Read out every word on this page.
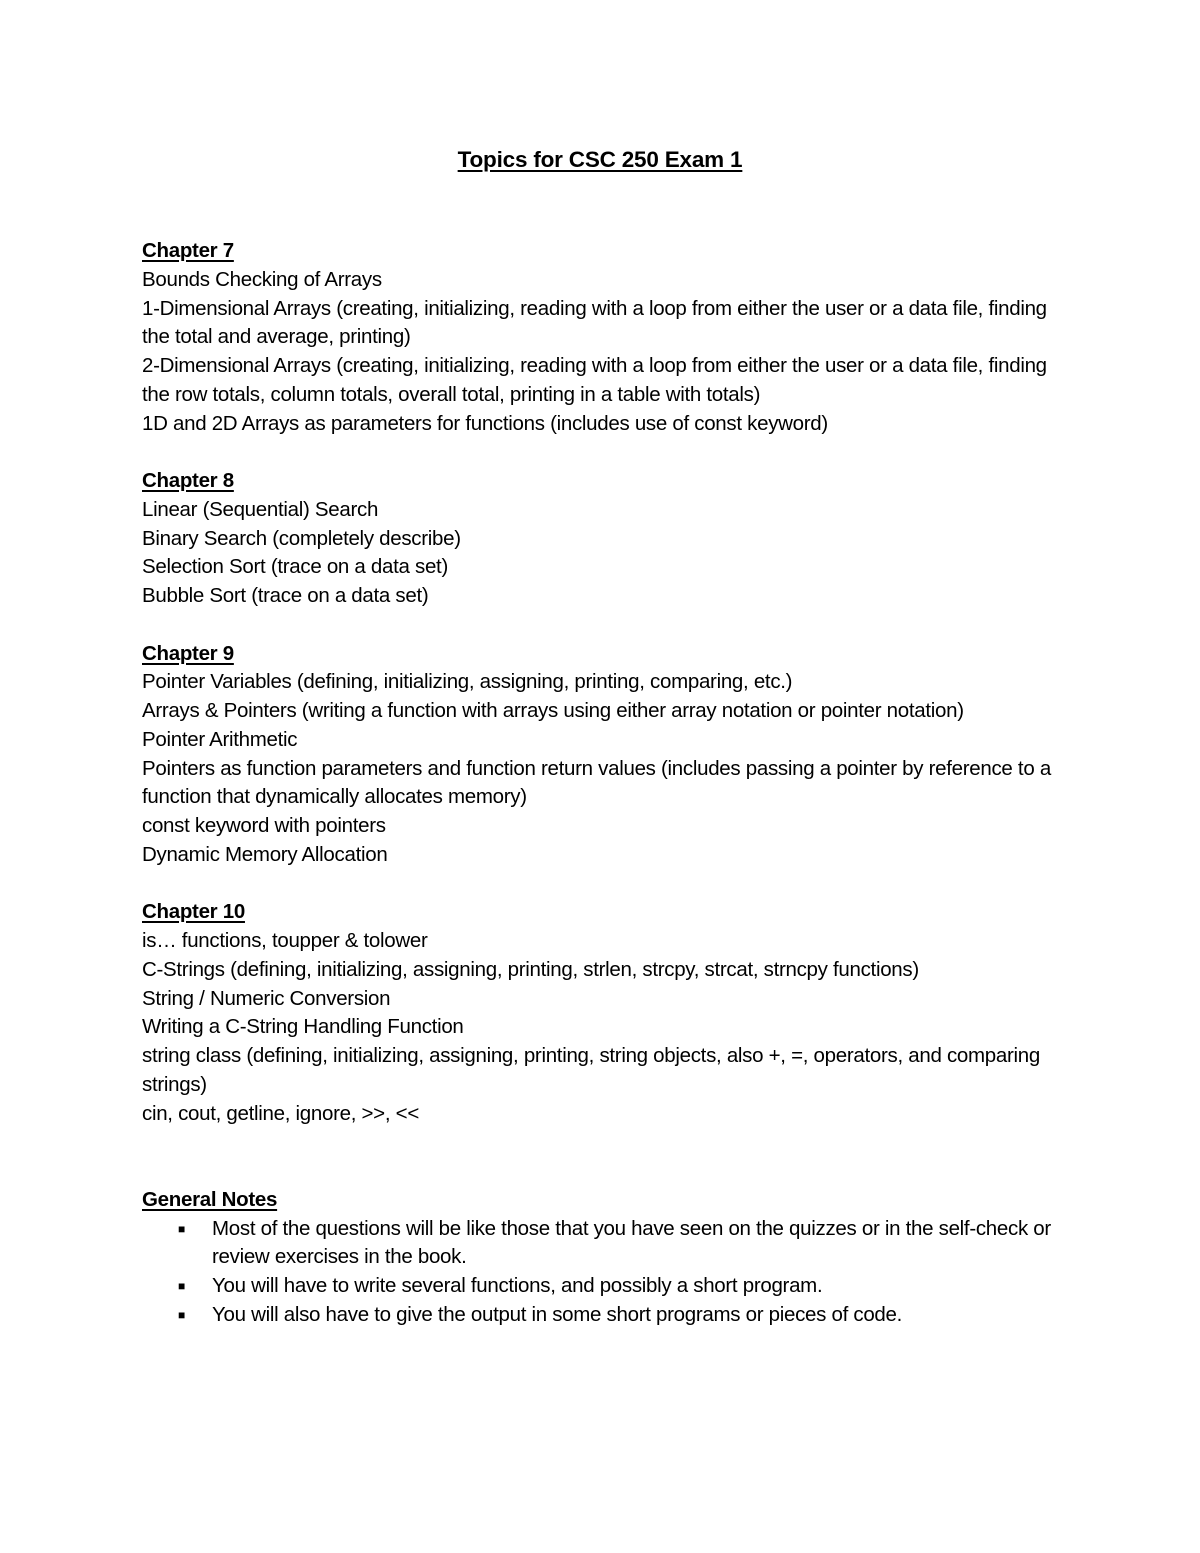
Topics for CSC 250 Exam 1
Chapter 7
Bounds Checking of Arrays
1-Dimensional Arrays (creating, initializing, reading with a loop from either the user or a data file, finding the total and average, printing)
2-Dimensional Arrays (creating, initializing, reading with a loop from either the user or a data file, finding the row totals, column totals, overall total, printing in a table with totals)
1D and 2D Arrays as parameters for functions (includes use of const keyword)
Chapter 8
Linear (Sequential) Search
Binary Search (completely describe)
Selection Sort (trace on a data set)
Bubble Sort (trace on a data set)
Chapter 9
Pointer Variables (defining, initializing, assigning, printing, comparing, etc.)
Arrays & Pointers (writing a function with arrays using either array notation or pointer notation)
Pointer Arithmetic
Pointers as function parameters and function return values (includes passing a pointer by reference to a function that dynamically allocates memory)
const keyword with pointers
Dynamic Memory Allocation
Chapter 10
is… functions, toupper & tolower
C-Strings (defining, initializing, assigning, printing, strlen, strcpy, strcat, strncpy functions)
String / Numeric Conversion
Writing a C-String Handling Function
string class (defining, initializing, assigning, printing, string objects, also +, =, operators, and comparing strings)
cin, cout, getline, ignore, >>, <<
General Notes
■ Most of the questions will be like those that you have seen on the quizzes or in the self-check or review exercises in the book.
■ You will have to write several functions, and possibly a short program.
■ You will also have to give the output in some short programs or pieces of code.
